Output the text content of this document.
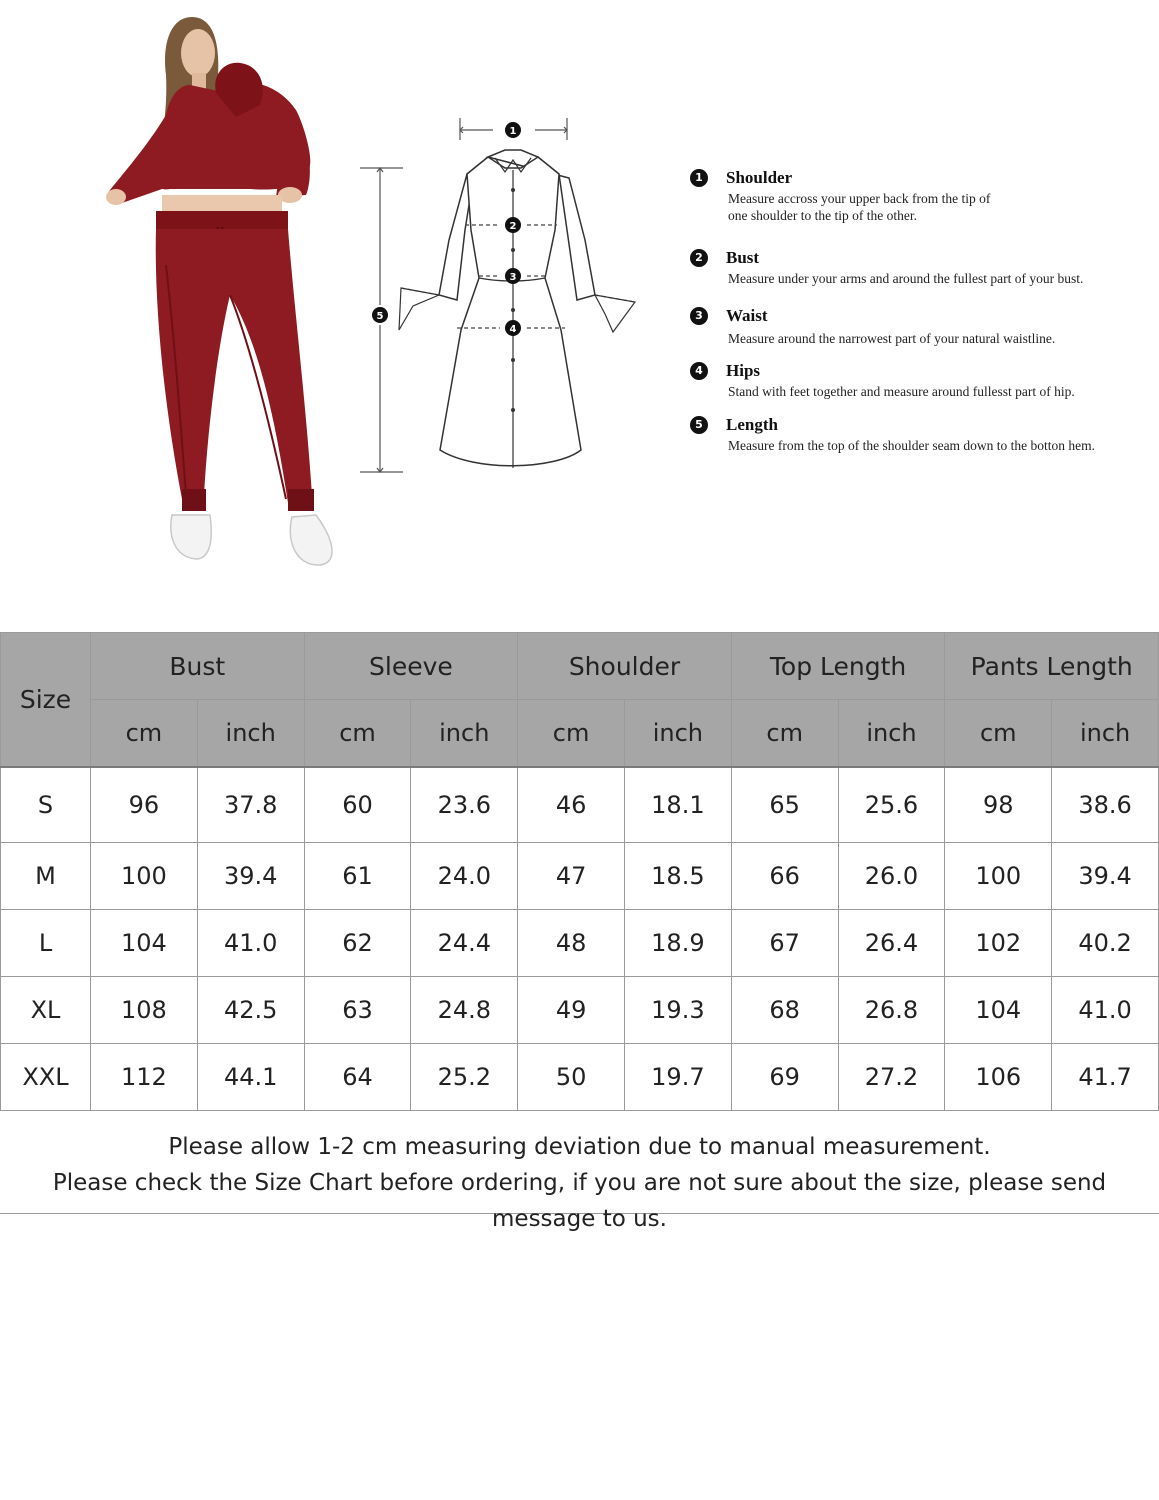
1
2
3
4
5
1	Shoulder
Measure accross your upper back from the tip of
one shoulder to the tip of the other.
2	Bust
Measure under your arms and around the fullest part of your bust.
3	Waist
Measure around the narrowest part of your natural waistline.
4	Hips
Stand with feet together and measure around fullesst part of hip.
5	Length
Measure from the top of the shoulder seam down to the botton hem.
Size	Bust		Sleeve		Shoulder		Top Length		Pants Length	
	cm	inch	cm	inch	cm	inch	cm	inch	cm	inch
S	96	37.8	60	23.6	46	18.1	65	25.6	98	38.6
M	100	39.4	61	24.0	47	18.5	66	26.0	100	39.4
L	104	41.0	62	24.4	48	18.9	67	26.4	102	40.2
XL	108	42.5	63	24.8	49	19.3	68	26.8	104	41.0
XXL	112	44.1	64	25.2	50	19.7	69	27.2	106	41.7
Please allow 1-2 cm measuring deviation due to manual measurement.
Please check the Size Chart before ordering, if you are not sure about the size, please send message to us.
